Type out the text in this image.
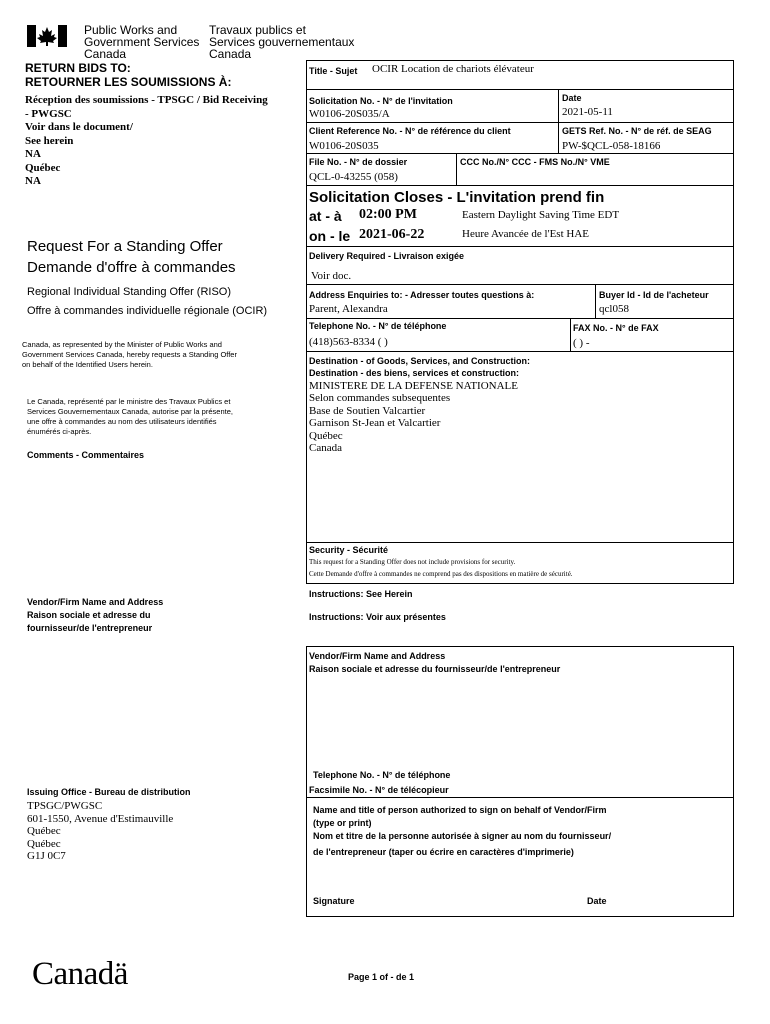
Public Works and
Government Services
Canada
Travaux publics et
Services gouvernementaux
Canada
RETURN BIDS TO:
RETOURNER LES SOUMISSIONS À:
Réception des soumissions - TPSGC / Bid Receiving
- PWGSC
Voir dans le document/
See herein
NA
Québec
NA
Request For a Standing Offer
Demande d'offre à commandes
Regional Individual Standing Offer (RISO)
Offre à commandes individuelle régionale (OCIR)
Canada, as represented by the Minister of Public Works and
Government Services Canada, hereby requests a Standing Offer
on behalf of the Identified Users herein.
Le Canada, représenté par le ministre des Travaux Publics et
Services Gouvernementaux Canada, autorise par la présente,
une offre à commandes au nom des utilisateurs identifiés
énumérés ci-après.
Comments - Commentaires
Vendor/Firm Name and Address
Raison sociale et adresse du
fournisseur/de l'entrepreneur
Issuing Office - Bureau de distribution
TPSGC/PWGSC
601-1550, Avenue d'Estimauville
Québec
Québec
G1J 0C7
Title - Sujet OCIR Location de chariots élévateur
Solicitation No. - N° de l'invitation
W0106-20S035/A
Date
2021-05-11
Client Reference No. - N° de référence du client
W0106-20S035
GETS Ref. No. - N° de réf. de SEAG
PW-$QCL-058-18166
File No. - N° de dossier
QCL-0-43255 (058)
CCC No./N° CCC - FMS No./N° VME
Solicitation Closes - L'invitation prend fin
at - à 02:00 PM	Eastern Daylight Saving Time EDT
on - le 2021-06-22	Heure Avancée de l'Est HAE
Delivery Required - Livraison exigée
Voir doc.
Address Enquiries to: - Adresser toutes questions à:
Parent, Alexandra
Buyer Id - Id de l'acheteur
qcl058
Telephone No. - N° de téléphone
(418)563-8334 ( )
FAX No. - N° de FAX
( ) -
Destination - of Goods, Services, and Construction:
Destination - des biens, services et construction:
MINISTERE DE LA DEFENSE NATIONALE
Selon commandes subsequentes
Base de Soutien Valcartier
Garnison St-Jean et Valcartier
Québec
Canada
Security - Sécurité
This request for a Standing Offer does not include provisions for security.
Cette Demande d'offre à commandes ne comprend pas des dispositions en matière de sécurité.
Instructions: See Herein
Instructions: Voir aux présentes
Vendor/Firm Name and Address
Raison sociale et adresse du fournisseur/de l'entrepreneur
Telephone No. - N° de téléphone
Facsimile No. - N° de télécopieur
Name and title of person authorized to sign on behalf of Vendor/Firm
(type or print)
Nom et titre de la personne autorisée à signer au nom du fournisseur/
de l'entrepreneur (taper ou écrire en caractères d'imprimerie)
Signature	Date
Canadä	Page 1 of - de 1
